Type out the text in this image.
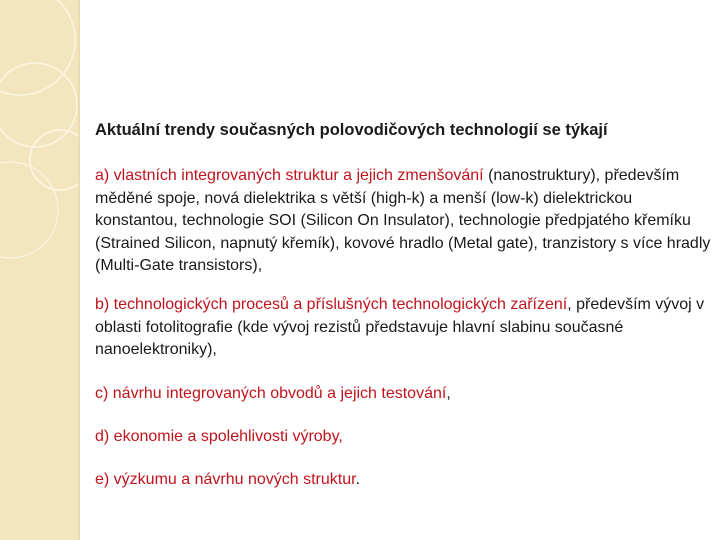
Aktuální trendy současných polovodičových technologií se týkají
a) vlastních integrovaných struktur a jejich zmenšování (nanostruktury), především měděné spoje, nová dielektrika s větší (high-k) a menší (low-k) dielektrickou konstantou, technologie SOI (Silicon On Insulator), technologie předpjatého křemíku (Strained Silicon, napnutý křemík), kovové hradlo (Metal gate), tranzistory s více hradly (Multi-Gate transistors),
b) technologických procesů a příslušných technologických zařízení, především vývoj v oblasti fotolitografie (kde vývoj rezistů představuje hlavní slabinu současné nanoelektroniky),
c) návrhu integrovaných obvodů a jejich testování,
d) ekonomie a spolehlivosti výroby,
e) výzkumu a návrhu nových struktur.
